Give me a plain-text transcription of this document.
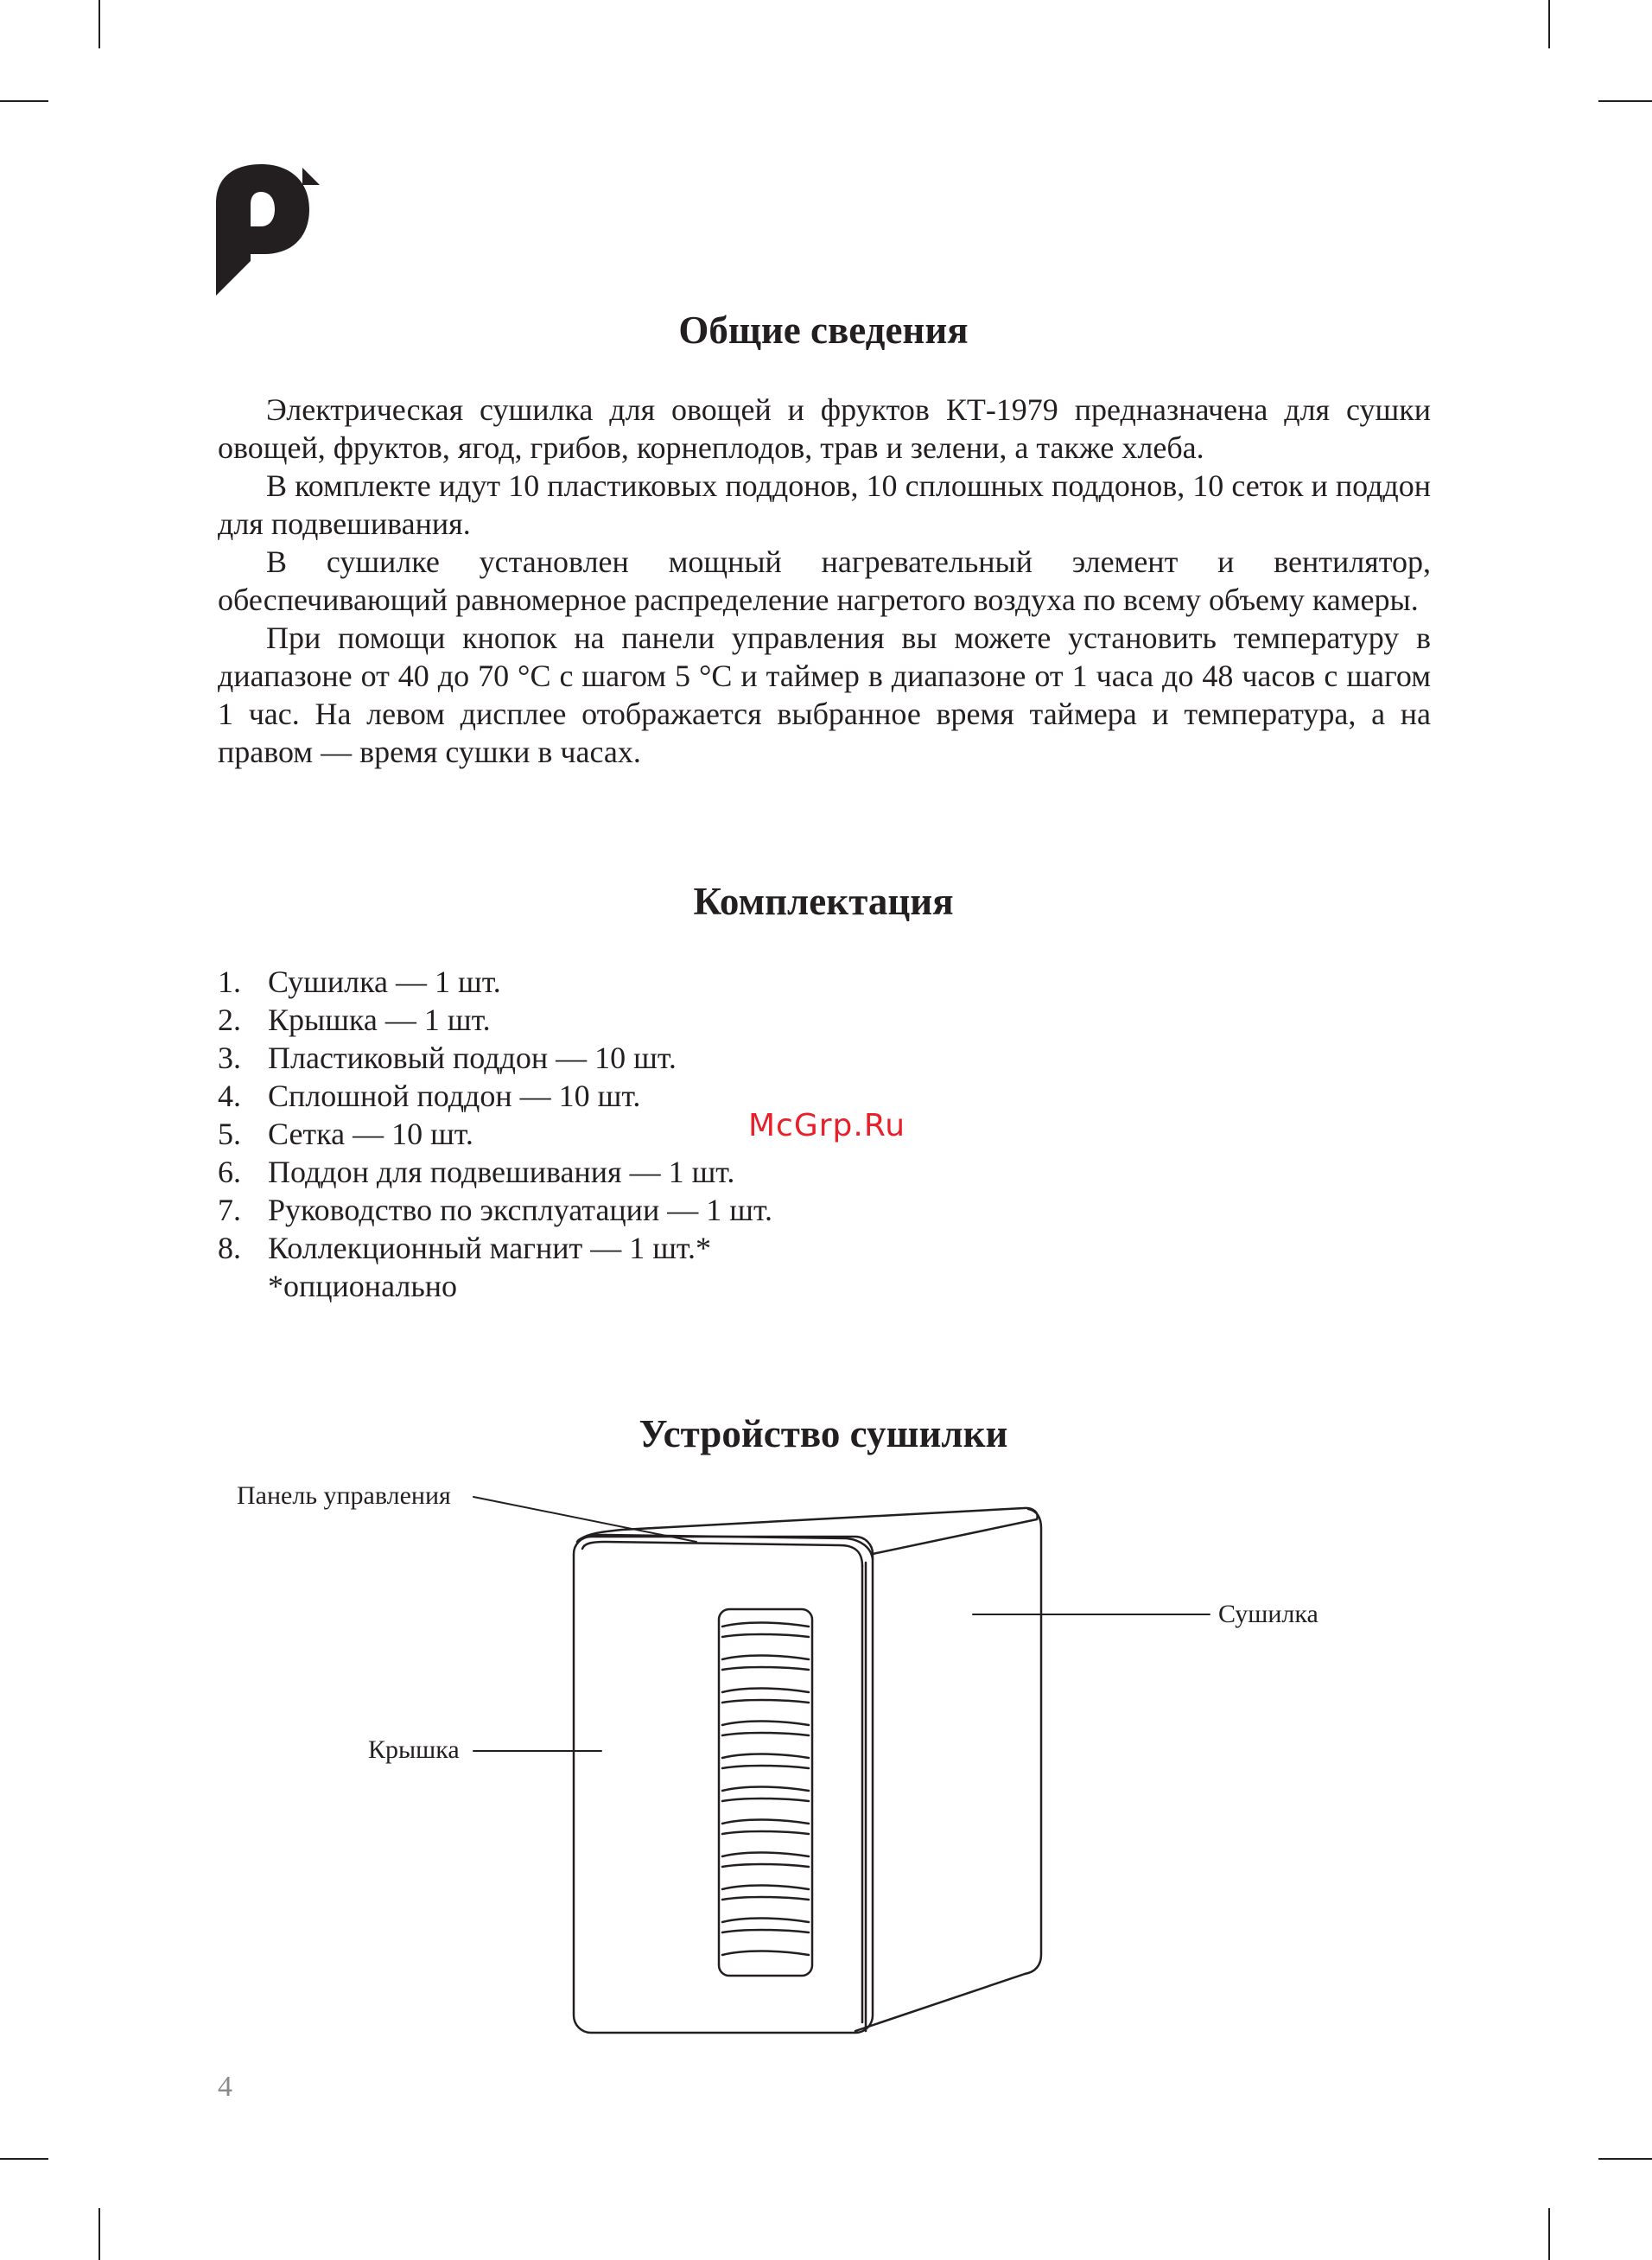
Общие сведения

Электрическая сушилка для овощей и фруктов КТ-1979 предназначена для сушки овощей, фруктов, ягод, грибов, корнеплодов, трав и зелени, а также хлеба.

В комплекте идут 10 пластиковых поддонов, 10 сплошных поддонов, 10 сеток и поддон для подвешивания.

В сушилке установлен мощный нагревательный элемент и вентилятор, обеспечивающий равномерное распределение нагретого воздуха по всему объему камеры.

При помощи кнопок на панели управления вы можете установить температуру в диапазоне от 40 до 70 °C с шагом 5 °C и таймер в диапазоне от 1 часа до 48 часов с шагом 1 час. На левом дисплее отображается выбранное время таймера и температура, а на правом — время сушки в часах.

Комплектация
1. Сушилка — 1 шт.
2. Крышка — 1 шт.
3. Пластиковый поддон — 10 шт.
4. Сплошной поддон — 10 шт.
5. Сетка — 10 шт.
6. Поддон для подвешивания — 1 шт.
7. Руководство по эксплуатации — 1 шт.
8. Коллекционный магнит — 1 шт.*
*опционально
McGrp.Ru
Устройство сушилки
Панель управления
Сушилка
Крышка
4
